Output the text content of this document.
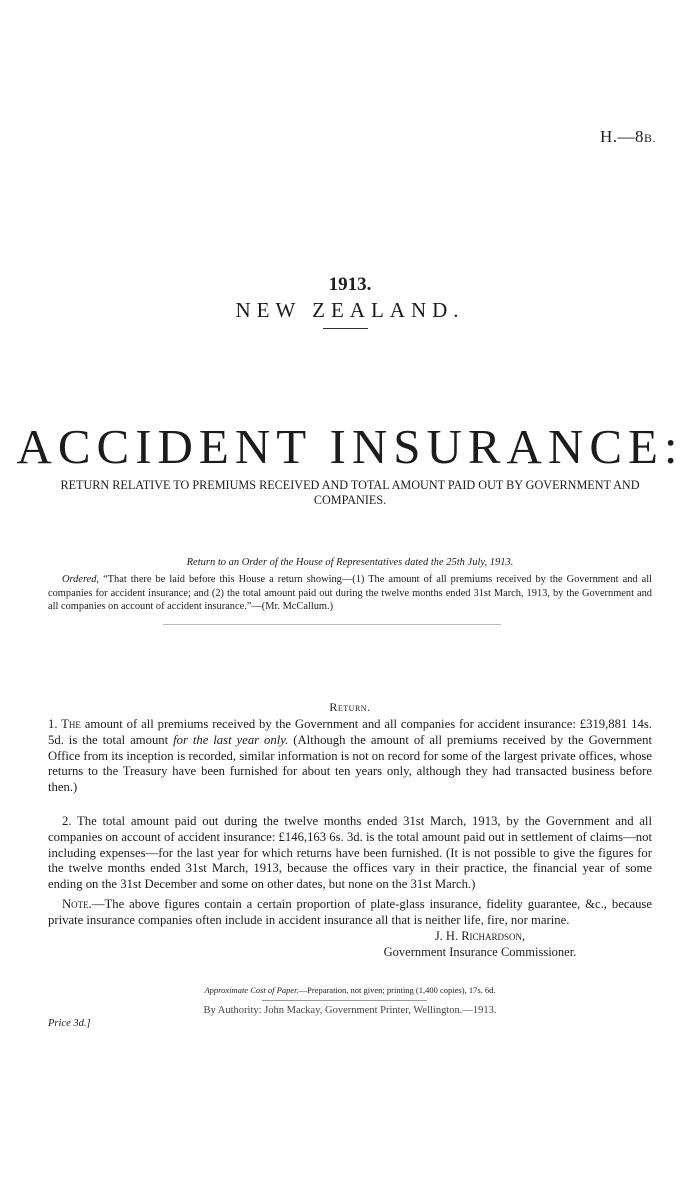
H.—8B.
1913.
NEW ZEALAND.
ACCIDENT INSURANCE:
RETURN RELATIVE TO PREMIUMS RECEIVED AND TOTAL AMOUNT PAID OUT BY GOVERNMENT AND COMPANIES.
Return to an Order of the House of Representatives dated the 25th July, 1913.
Ordered, “That there be laid before this House a return showing—(1) The amount of all premiums received by the Government and all companies for accident insurance; and (2) the total amount paid out during the twelve months ended 31st March, 1913, by the Government and all companies on account of accident insurance.”—(Mr. McCallum.)
Return.
1. The amount of all premiums received by the Government and all companies for accident insurance: £319,881 14s. 5d. is the total amount for the last year only. (Although the amount of all premiums received by the Government Office from its inception is recorded, similar information is not on record for some of the largest private offices, whose returns to the Treasury have been furnished for about ten years only, although they had transacted business before then.)
2. The total amount paid out during the twelve months ended 31st March, 1913, by the Government and all companies on account of accident insurance: £146,163 6s. 3d. is the total amount paid out in settlement of claims—not including expenses—for the last year for which returns have been furnished. (It is not possible to give the figures for the twelve months ended 31st March, 1913, because the offices vary in their practice, the financial year of some ending on the 31st December and some on other dates, but none on the 31st March.)
Note.—The above figures contain a certain proportion of plate-glass insurance, fidelity guarantee, &c., because private insurance companies often include in accident insurance all that is neither life, fire, nor marine.
J. H. Richardson,
Government Insurance Commissioner.
Approximate Cost of Paper.—Preparation, not given; printing (1,400 copies), 17s. 6d.
By Authority: John Mackay, Government Printer, Wellington.—1913.
Price 3d.]
